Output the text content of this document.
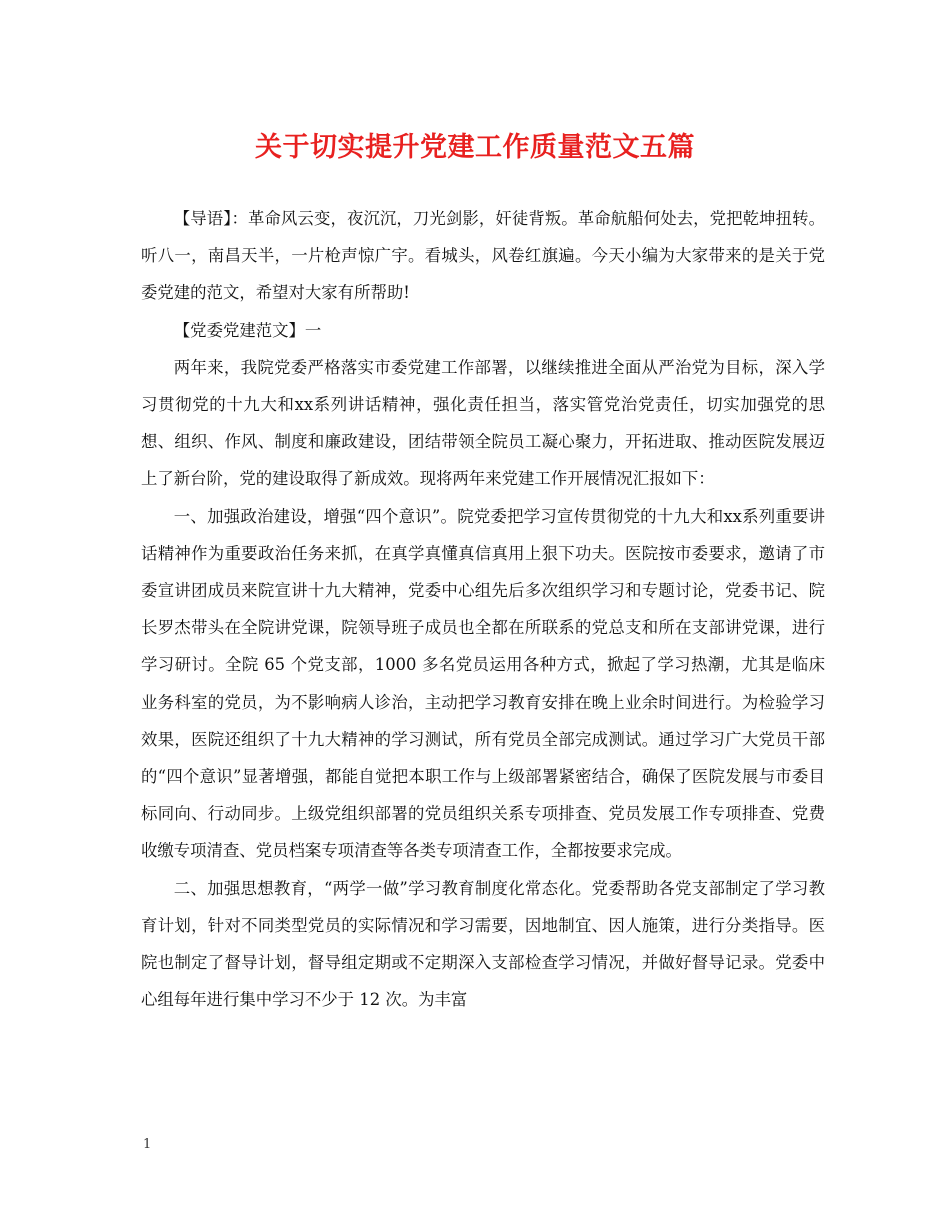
关于切实提升党建工作质量范文五篇

【导语】：革命风云变，夜沉沉，刀光剑影，奸徒背叛。革命航船何处去，党把乾坤扭转。听八一，南昌天半，一片枪声惊广宇。看城头，风卷红旗遍。今天小编为大家带来的是关于党委党建的范文，希望对大家有所帮助!

【党委党建范文】一

两年来，我院党委严格落实市委党建工作部署，以继续推进全面从严治党为目标，深入学习贯彻党的十九大和xx系列讲话精神，强化责任担当，落实管党治党责任，切实加强党的思想、组织、作风、制度和廉政建设，团结带领全院员工凝心聚力，开拓进取、推动医院发展迈上了新台阶，党的建设取得了新成效。现将两年来党建工作开展情况汇报如下：

一、加强政治建设，增强“四个意识”。院党委把学习宣传贯彻党的十九大和xx系列重要讲话精神作为重要政治任务来抓，在真学真懂真信真用上狠下功夫。医院按市委要求，邀请了市委宣讲团成员来院宣讲十九大精神，党委中心组先后多次组织学习和专题讨论，党委书记、院长罗杰带头在全院讲党课，院领导班子成员也全都在所联系的党总支和所在支部讲党课，进行学习研讨。全院 65 个党支部，1000 多名党员运用各种方式，掀起了学习热潮，尤其是临床业务科室的党员，为不影响病人诊治，主动把学习教育安排在晚上业余时间进行。为检验学习效果，医院还组织了十九大精神的学习测试，所有党员全部完成测试。通过学习广大党员干部的“四个意识”显著增强，都能自觉把本职工作与上级部署紧密结合，确保了医院发展与市委目标同向、行动同步。上级党组织部署的党员组织关系专项排查、党员发展工作专项排查、党费收缴专项清查、党员档案专项清查等各类专项清查工作，全都按要求完成。

二、加强思想教育，“两学一做”学习教育制度化常态化。党委帮助各党支部制定了学习教育计划，针对不同类型党员的实际情况和学习需要，因地制宜、因人施策，进行分类指导。医院也制定了督导计划，督导组定期或不定期深入支部检查学习情况，并做好督导记录。党委中心组每年进行集中学习不少于 12 次。为丰富

1
